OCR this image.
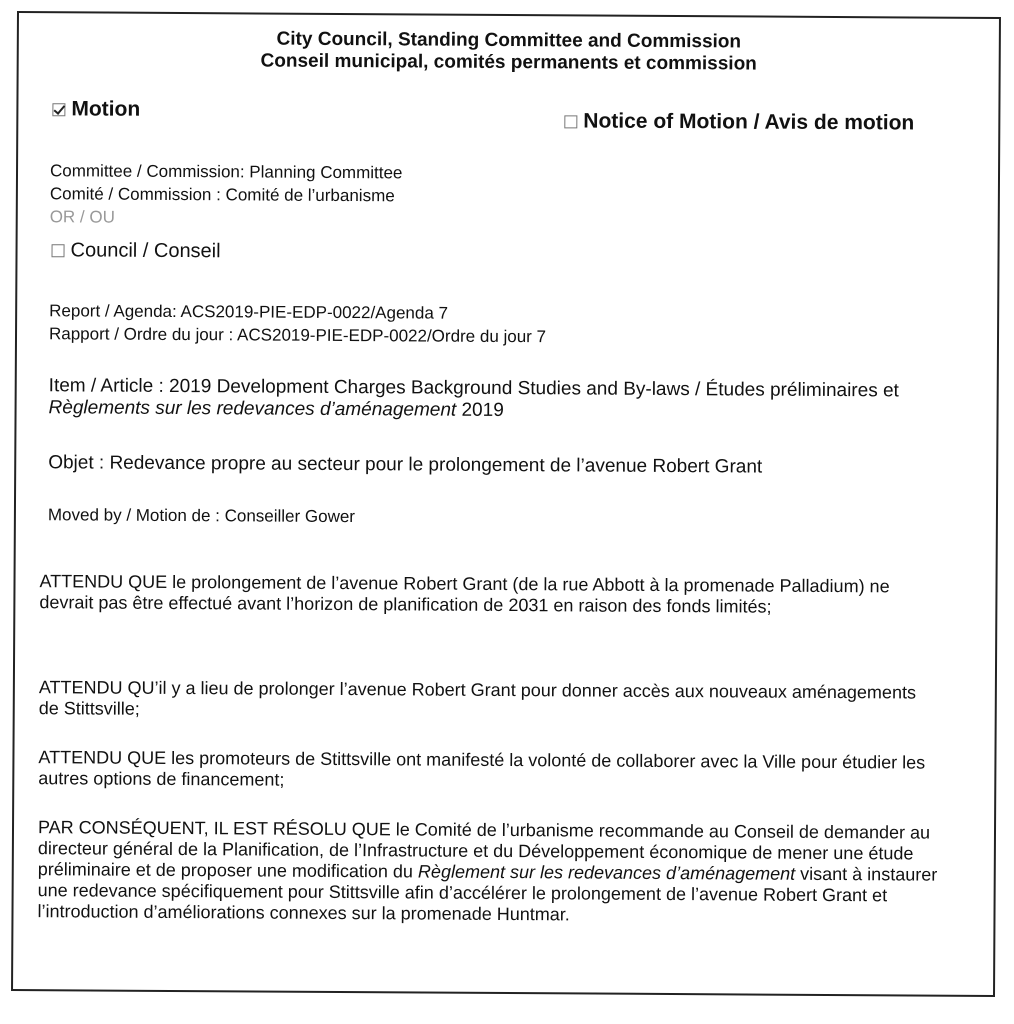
City Council, Standing Committee and Commission
Conseil municipal, comités permanents et commission
Motion
Notice of Motion / Avis de motion
Committee / Commission: Planning Committee
Comité / Commission : Comité de l’urbanisme
OR / OU
Council / Conseil
Report / Agenda: ACS2019-PIE-EDP-0022/Agenda 7
Rapport / Ordre du jour : ACS2019-PIE-EDP-0022/Ordre du jour 7
Item / Article : 2019 Development Charges Background Studies and By-laws / Études préliminaires et Règlements sur les redevances d’aménagement 2019
Objet : Redevance propre au secteur pour le prolongement de l’avenue Robert Grant
Moved by / Motion de : Conseiller Gower
ATTENDU QUE le prolongement de l’avenue Robert Grant (de la rue Abbott à la promenade Palladium) ne devrait pas être effectué avant l’horizon de planification de 2031 en raison des fonds limités;
ATTENDU QU’il y a lieu de prolonger l’avenue Robert Grant pour donner accès aux nouveaux aménagements de Stittsville;
ATTENDU QUE les promoteurs de Stittsville ont manifesté la volonté de collaborer avec la Ville pour étudier les autres options de financement;
PAR CONSÉQUENT, IL EST RÉSOLU QUE le Comité de l’urbanisme recommande au Conseil de demander au directeur général de la Planification, de l’Infrastructure et du Développement économique de mener une étude préliminaire et de proposer une modification du Règlement sur les redevances d’aménagement visant à instaurer une redevance spécifiquement pour Stittsville afin d’accélérer le prolongement de l’avenue Robert Grant et l’introduction d’améliorations connexes sur la promenade Huntmar.
